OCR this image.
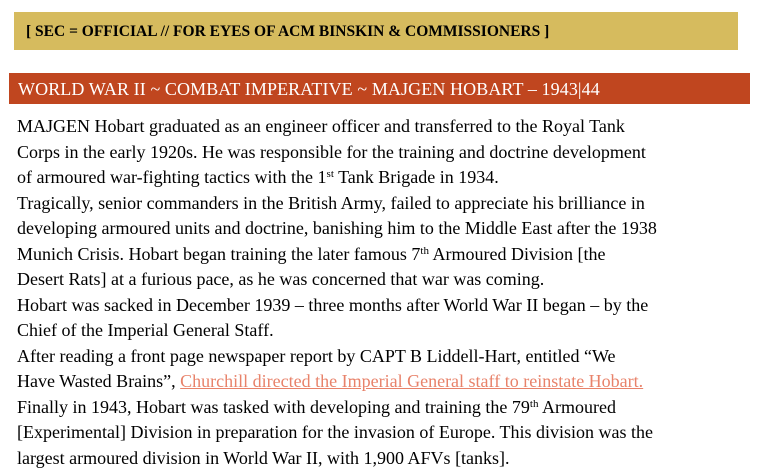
[ SEC = OFFICIAL // FOR EYES OF ACM BINSKIN & COMMISSIONERS ]
WORLD WAR II ~ COMBAT IMPERATIVE ~ MAJGEN HOBART – 1943|44

MAJGEN Hobart graduated as an engineer officer and transferred to the Royal Tank

Corps in the early 1920s. He was responsible for the training and doctrine development

of armoured war-fighting tactics with the 1st Tank Brigade in 1934.

Tragically, senior commanders in the British Army, failed to appreciate his brilliance in

developing armoured units and doctrine, banishing him to the Middle East after the 1938

Munich Crisis. Hobart began training the later famous 7th Armoured Division [the

Desert Rats] at a furious pace, as he was concerned that war was coming.

Hobart was sacked in December 1939 – three months after World War II began – by the

Chief of the Imperial General Staff.

After reading a front page newspaper report by CAPT B Liddell-Hart, entitled “We

Have Wasted Brains”, Churchill directed the Imperial General staff to reinstate Hobart.

Finally in 1943, Hobart was tasked with developing and training the 79th Armoured

[Experimental] Division in preparation for the invasion of Europe. This division was the

largest armoured division in World War II, with 1,900 AFVs [tanks].
